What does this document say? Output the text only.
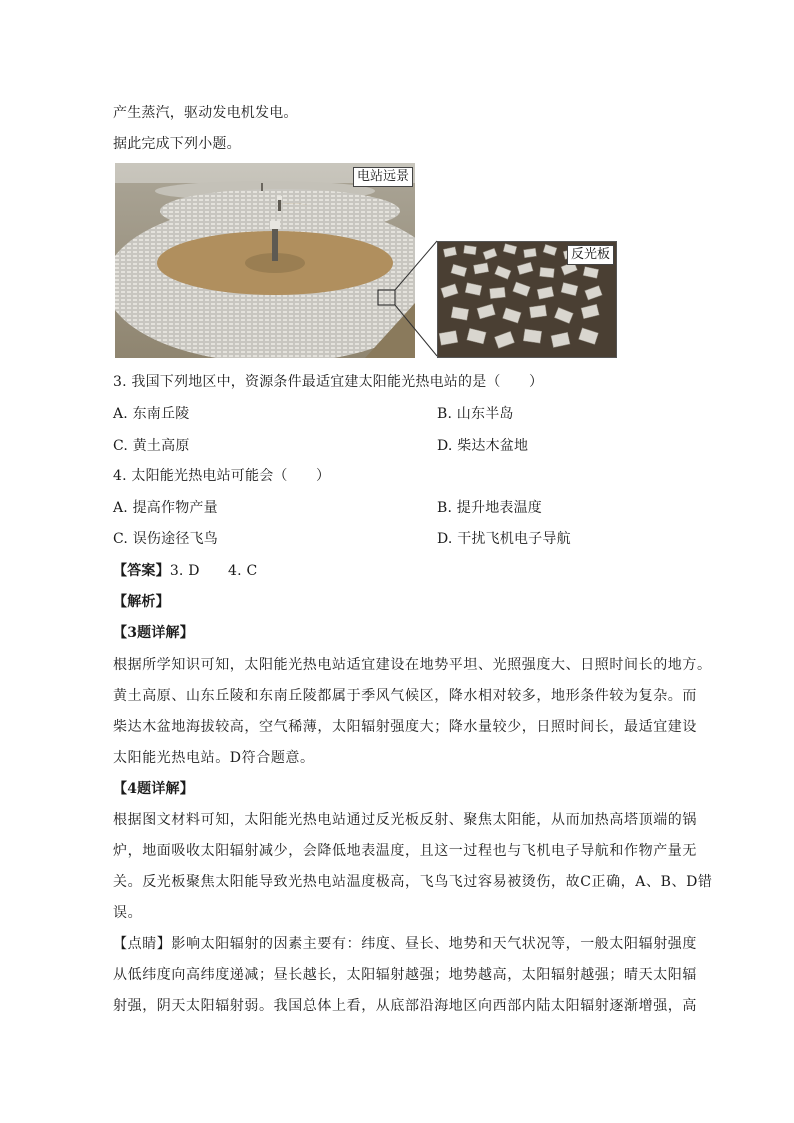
产生蒸汽，驱动发电机发电。
据此完成下列小题。
电站远景
反光板
3. 我国下列地区中，资源条件最适宜建太阳能光热电站的是（　　）
A. 东南丘陵	B. 山东半岛
C. 黄土高原	D. 柴达木盆地
4. 太阳能光热电站可能会（　　）
A. 提高作物产量	B. 提升地表温度
C. 误伤途径飞鸟	D. 干扰飞机电子导航
【答案】3. D　　4. C
【解析】
【3题详解】
根据所学知识可知，太阳能光热电站适宜建设在地势平坦、光照强度大、日照时间长的地方。
黄土高原、山东丘陵和东南丘陵都属于季风气候区，降水相对较多，地形条件较为复杂。而
柴达木盆地海拔较高，空气稀薄，太阳辐射强度大；降水量较少，日照时间长，最适宜建设
太阳能光热电站。D符合题意。
【4题详解】
根据图文材料可知，太阳能光热电站通过反光板反射、聚焦太阳能，从而加热高塔顶端的锅
炉，地面吸收太阳辐射减少，会降低地表温度，且这一过程也与飞机电子导航和作物产量无
关。反光板聚焦太阳能导致光热电站温度极高，飞鸟飞过容易被烫伤，故C正确，A、B、D错
误。
【点睛】影响太阳辐射的因素主要有：纬度、昼长、地势和天气状况等，一般太阳辐射强度
从低纬度向高纬度递减；昼长越长，太阳辐射越强；地势越高，太阳辐射越强；晴天太阳辐
射强，阴天太阳辐射弱。我国总体上看，从底部沿海地区向西部内陆太阳辐射逐渐增强，高
